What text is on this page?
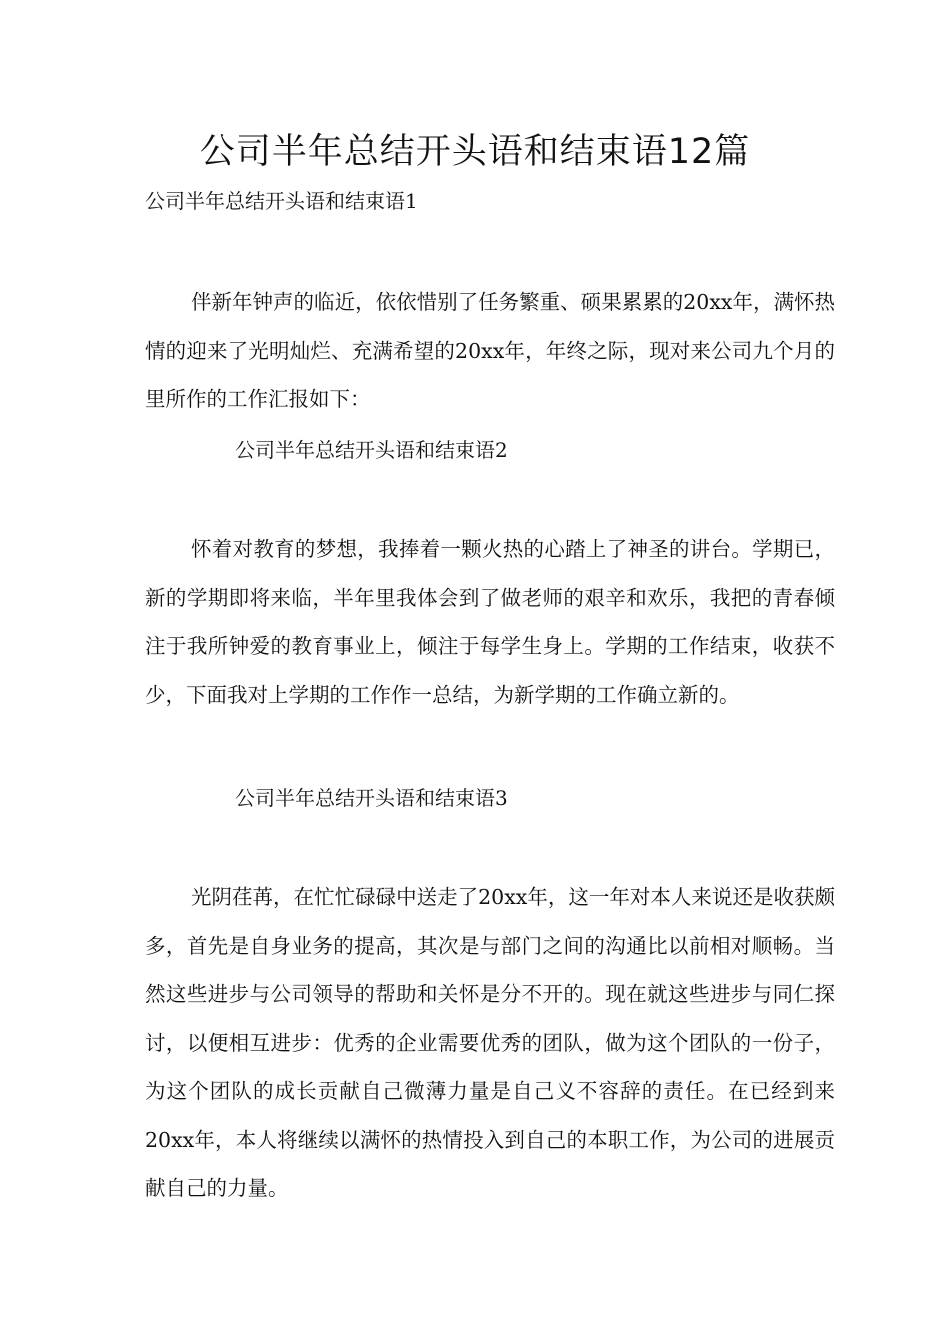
公司半年总结开头语和结束语12篇
公司半年总结开头语和结束语1

伴新年钟声的临近，依依惜别了任务繁重、硕果累累的20xx年，满怀热情的迎来了光明灿烂、充满希望的20xx年，年终之际，现对来公司九个月的里所作的工作汇报如下：

公司半年总结开头语和结束语2

怀着对教育的梦想，我捧着一颗火热的心踏上了神圣的讲台。学期已，新的学期即将来临，半年里我体会到了做老师的艰辛和欢乐，我把的青春倾注于我所钟爱的教育事业上，倾注于每学生身上。学期的工作结束，收获不少，下面我对上学期的工作作一总结，为新学期的工作确立新的。

公司半年总结开头语和结束语3

光阴荏苒，在忙忙碌碌中送走了20xx年，这一年对本人来说还是收获颇多，首先是自身业务的提高，其次是与部门之间的沟通比以前相对顺畅。当然这些进步与公司领导的帮助和关怀是分不开的。现在就这些进步与同仁探讨，以便相互进步：优秀的企业需要优秀的团队，做为这个团队的一份子，为这个团队的成长贡献自己微薄力量是自己义不容辞的责任。在已经到来20xx年，本人将继续以满怀的热情投入到自己的本职工作，为公司的进展贡献自己的力量。
